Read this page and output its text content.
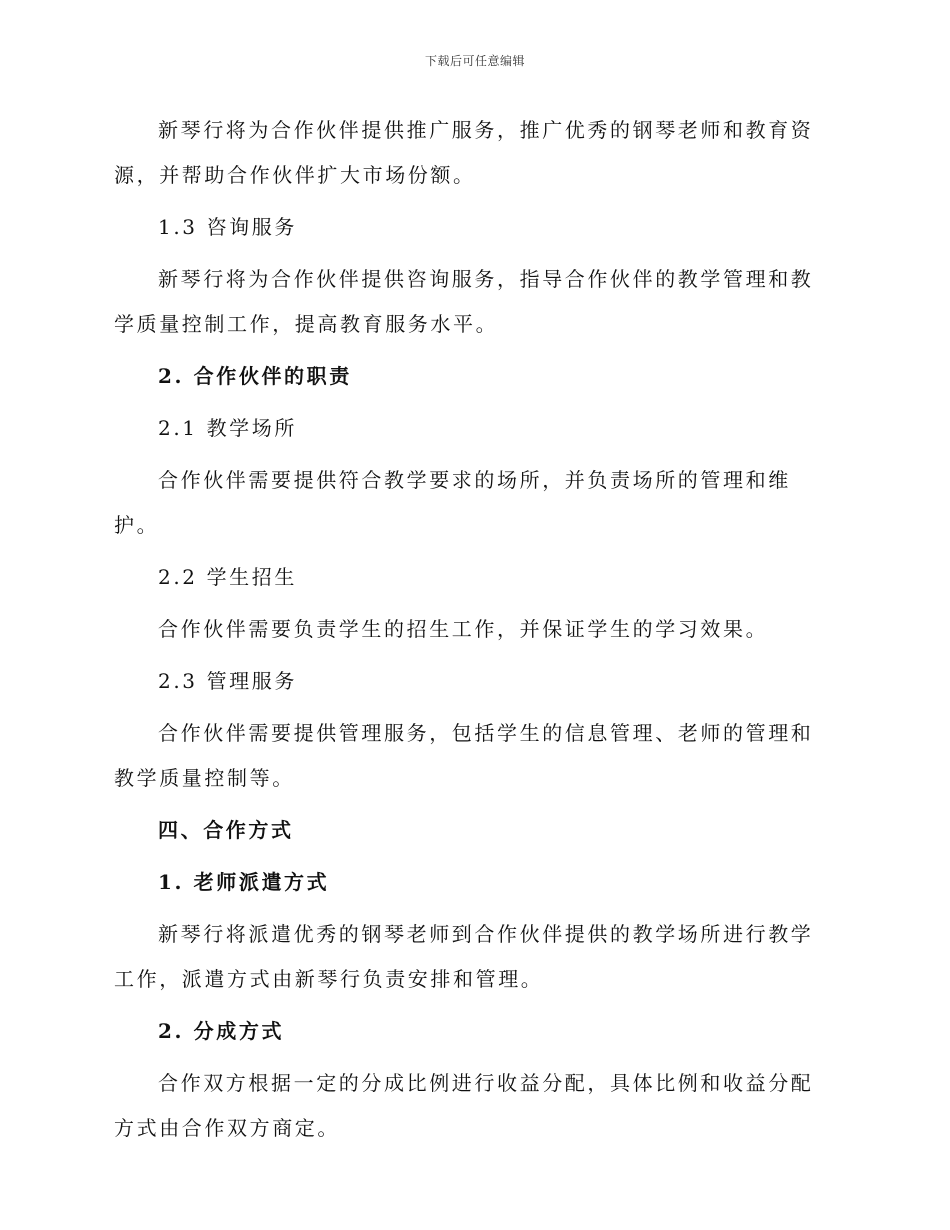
下载后可任意编辑

新琴行将为合作伙伴提供推广服务，推广优秀的钢琴老师和教育资源，并帮助合作伙伴扩大市场份额。

1.3 咨询服务

新琴行将为合作伙伴提供咨询服务，指导合作伙伴的教学管理和教学质量控制工作，提高教育服务水平。

2. 合作伙伴的职责

2.1 教学场所

合作伙伴需要提供符合教学要求的场所，并负责场所的管理和维护。

2.2 学生招生

合作伙伴需要负责学生的招生工作，并保证学生的学习效果。

2.3 管理服务

合作伙伴需要提供管理服务，包括学生的信息管理、老师的管理和教学质量控制等。

四、合作方式

1. 老师派遣方式

新琴行将派遣优秀的钢琴老师到合作伙伴提供的教学场所进行教学工作，派遣方式由新琴行负责安排和管理。

2. 分成方式

合作双方根据一定的分成比例进行收益分配，具体比例和收益分配方式由合作双方商定。
